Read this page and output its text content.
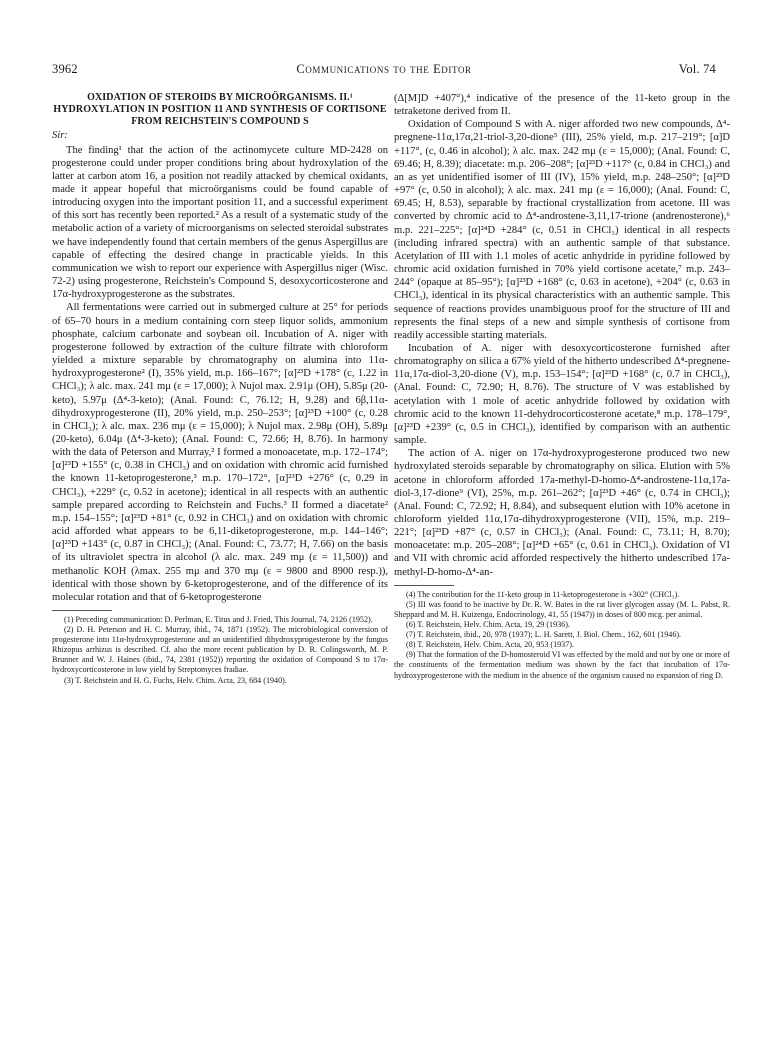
3962	Communications to the Editor	Vol. 74
OXIDATION OF STEROIDS BY MICROÖRGANISMS. II.¹ HYDROXYLATION IN POSITION 11 AND SYNTHESIS OF CORTISONE FROM REICHSTEIN'S COMPOUND S
Sir:

The finding¹ that the action of the actinomycete culture MD-2428 on progesterone could under proper conditions bring about hydroxylation of the latter at carbon atom 16, a position not readily attacked by chemical oxidants, made it appear hopeful that microörganisms could be found capable of introducing oxygen into the important position 11, and a successful experiment of this sort has recently been reported.² As a result of a systematic study of the metabolic action of a variety of microorganisms on selected steroidal substrates we have independently found that certain members of the genus Aspergillus are capable of effecting the desired change in practicable yields. In this communication we wish to report our experience with Aspergillus niger (Wisc. 72-2) using progesterone, Reichstein's Compound S, desoxycorticosterone and 17α-hydroxyprogesterone as the substrates.

All fermentations were carried out in submerged culture at 25° for periods of 65–70 hours in a medium containing corn steep liquor solids, ammonium phosphate, calcium carbonate and soybean oil. Incubation of A. niger with progesterone followed by extraction of the culture filtrate with chloroform yielded a mixture separable by chromatography on alumina into 11α-hydroxyprogesterone² (I), 35% yield, m.p. 166–167°; [α]²³D +178° (c, 1.22 in CHCl₃); λ alc. max. 241 mμ (ε = 17,000); λ Nujol max. 2.91μ (OH), 5.85μ (20-keto), 5.97μ (Δ⁴-3-keto); (Anal. Found: C, 76.12; H, 9.28) and 6β,11α-dihydroxyprogesterone (II), 20% yield, m.p. 250–253°; [α]²³D +100° (c, 0.28 in CHCl₃); λ alc. max. 236 mμ (ε = 15,000); λ Nujol max. 2.98μ (OH), 5.89μ (20-keto), 6.04μ (Δ⁴-3-keto); (Anal. Found: C, 72.66; H, 8.76). In harmony with the data of Peterson and Murray,² I formed a monoacetate, m.p. 172–174°; [α]²³D +155° (c, 0.38 in CHCl₃) and on oxidation with chromic acid furnished the known 11-ketoprogesterone,³ m.p. 170–172°, [α]²³D +276° (c, 0.29 in CHCl₃), +229° (c, 0.52 in acetone); identical in all respects with an authentic sample prepared according to Reichstein and Fuchs.³ II formed a diacetate² m.p. 154–155°; [α]²³D +81° (c, 0.92 in CHCl₃) and on oxidation with chromic acid afforded what appears to be 6,11-diketoprogesterone, m.p. 144–146°; [α]²³D +143° (c, 0.87 in CHCl₃); (Anal. Found: C, 73.77; H, 7.66) on the basis of its ultraviolet spectra in alcohol (λ alc. max. 249 mμ (ε = 11,500)) and methanolic KOH (λmax. 255 mμ and 370 mμ (ε = 9800 and 8900 resp.)), identical with those shown by 6-ketoprogesterone, and of the difference of its molecular rotation and that of 6-ketoprogesterone

(1) Preceding communication: D. Perlman, E. Titus and J. Fried, This Journal, 74, 2126 (1952).

(2) D. H. Peterson and H. C. Murray, ibid., 74, 1871 (1952). The microbiological conversion of progesterone into 11α-hydroxyprogesterone and an unidentified dihydroxyprogesterone by the fungus Rhizopus arrhizus is described. Cf. also the more recent publication by D. R. Colingsworth, M. P. Brunner and W. J. Haines (ibid., 74, 2381 (1952)) reporting the oxidation of Compound S to 17α-hydroxycorticosterone in low yield by Streptomyces fradiae.

(3) T. Reichstein and H. G. Fuchs, Helv. Chim. Acta, 23, 684 (1940).

(Δ[M]D +407°),⁴ indicative of the presence of the 11-keto group in the tetraketone derived from II.

Oxidation of Compound S with A. niger afforded two new compounds, Δ⁴-pregnene-11α,17α,21-triol-3,20-dione⁵ (III), 25% yield, m.p. 217–219°; [α]D +117°, (c, 0.46 in alcohol); λ alc. max. 242 mμ (ε = 15,000); (Anal. Found: C, 69.46; H, 8.39); diacetate: m.p. 206–208°; [α]²³D +117° (c, 0.84 in CHCl₃) and an as yet unidentified isomer of III (IV), 15% yield, m.p. 248–250°; [α]²³D +97° (c, 0.50 in alcohol); λ alc. max. 241 mμ (ε = 16,000); (Anal. Found: C, 69.45; H, 8.53), separable by fractional crystallization from acetone. III was converted by chromic acid to Δ⁴-androstene-3,11,17-trione (andrenosterone),⁶ m.p. 221–225°; [α]²⁴D +284° (c, 0.51 in CHCl₃) identical in all respects (including infrared spectra) with an authentic sample of that substance. Acetylation of III with 1.1 moles of acetic anhydride in pyridine followed by chromic acid oxidation furnished in 70% yield cortisone acetate,⁷ m.p. 243–244° (opaque at 85–95°); [α]²³D +168° (c, 0.63 in acetone), +204° (c, 0.63 in CHCl₃), identical in its physical characteristics with an authentic sample. This sequence of reactions provides unambiguous proof for the structure of III and represents the final steps of a new and simple synthesis of cortisone from readily accessible starting materials.

Incubation of A. niger with desoxycorticosterone furnished after chromatography on silica a 67% yield of the hitherto undescribed Δ⁴-pregnene-11α,17α-diol-3,20-dione (V), m.p. 153–154°; [α]²³D +168° (c, 0.7 in CHCl₃), (Anal. Found: C, 72.90; H, 8.76). The structure of V was established by acetylation with 1 mole of acetic anhydride followed by oxidation with chromic acid to the known 11-dehydrocorticosterone acetate,⁸ m.p. 178–179°, [α]²³D +239° (c, 0.5 in CHCl₃), identified by comparison with an authentic sample.

The action of A. niger on 17α-hydroxyprogesterone produced two new hydroxylated steroids separable by chromatography on silica. Elution with 5% acetone in chloroform afforded 17a-methyl-D-homo-Δ⁴-androstene-11α,17a-diol-3,17-dione⁹ (VI), 25%, m.p. 261–262°; [α]²³D +46° (c, 0.74 in CHCl₃); (Anal. Found: C, 72.92; H, 8.84), and subsequent elution with 10% acetone in chloroform yielded 11α,17α-dihydroxyprogesterone (VII), 15%, m.p. 219–221°; [α]²³D +87° (c, 0.57 in CHCl₃); (Anal. Found: C, 73.11; H, 8.70); monoacetate: m.p. 205–208°; [α]²⁴D +65° (c, 0.61 in CHCl₃). Oxidation of VI and VII with chromic acid afforded respectively the hitherto undescribed 17a-methyl-D-homo-Δ⁴-an-

(4) The contribution for the 11-keto group in 11-ketoprogesterone is +302° (CHCl₃).

(5) III was found to be inactive by Dr. R. W. Bates in the rat liver glycogen assay (M. L. Pabst, R. Sheppard and M. H. Kuizenga, Endocrinology, 41, 55 (1947)) in doses of 800 mcg. per animal.

(6) T. Reichstein, Helv. Chim. Acta, 19, 29 (1936).

(7) T. Reichstein, ibid., 20, 978 (1937); L. H. Sarett, J. Biol. Chem., 162, 601 (1946).

(8) T. Reichstein, Helv. Chim. Acta, 20, 953 (1937).

(9) That the formation of the D-homosteroid VI was effected by the mold and not by one or more of the constituents of the fermentation medium was shown by the fact that incubation of 17α-hydroxyprogesterone with the medium in the absence of the organism caused no expansion of ring D.
